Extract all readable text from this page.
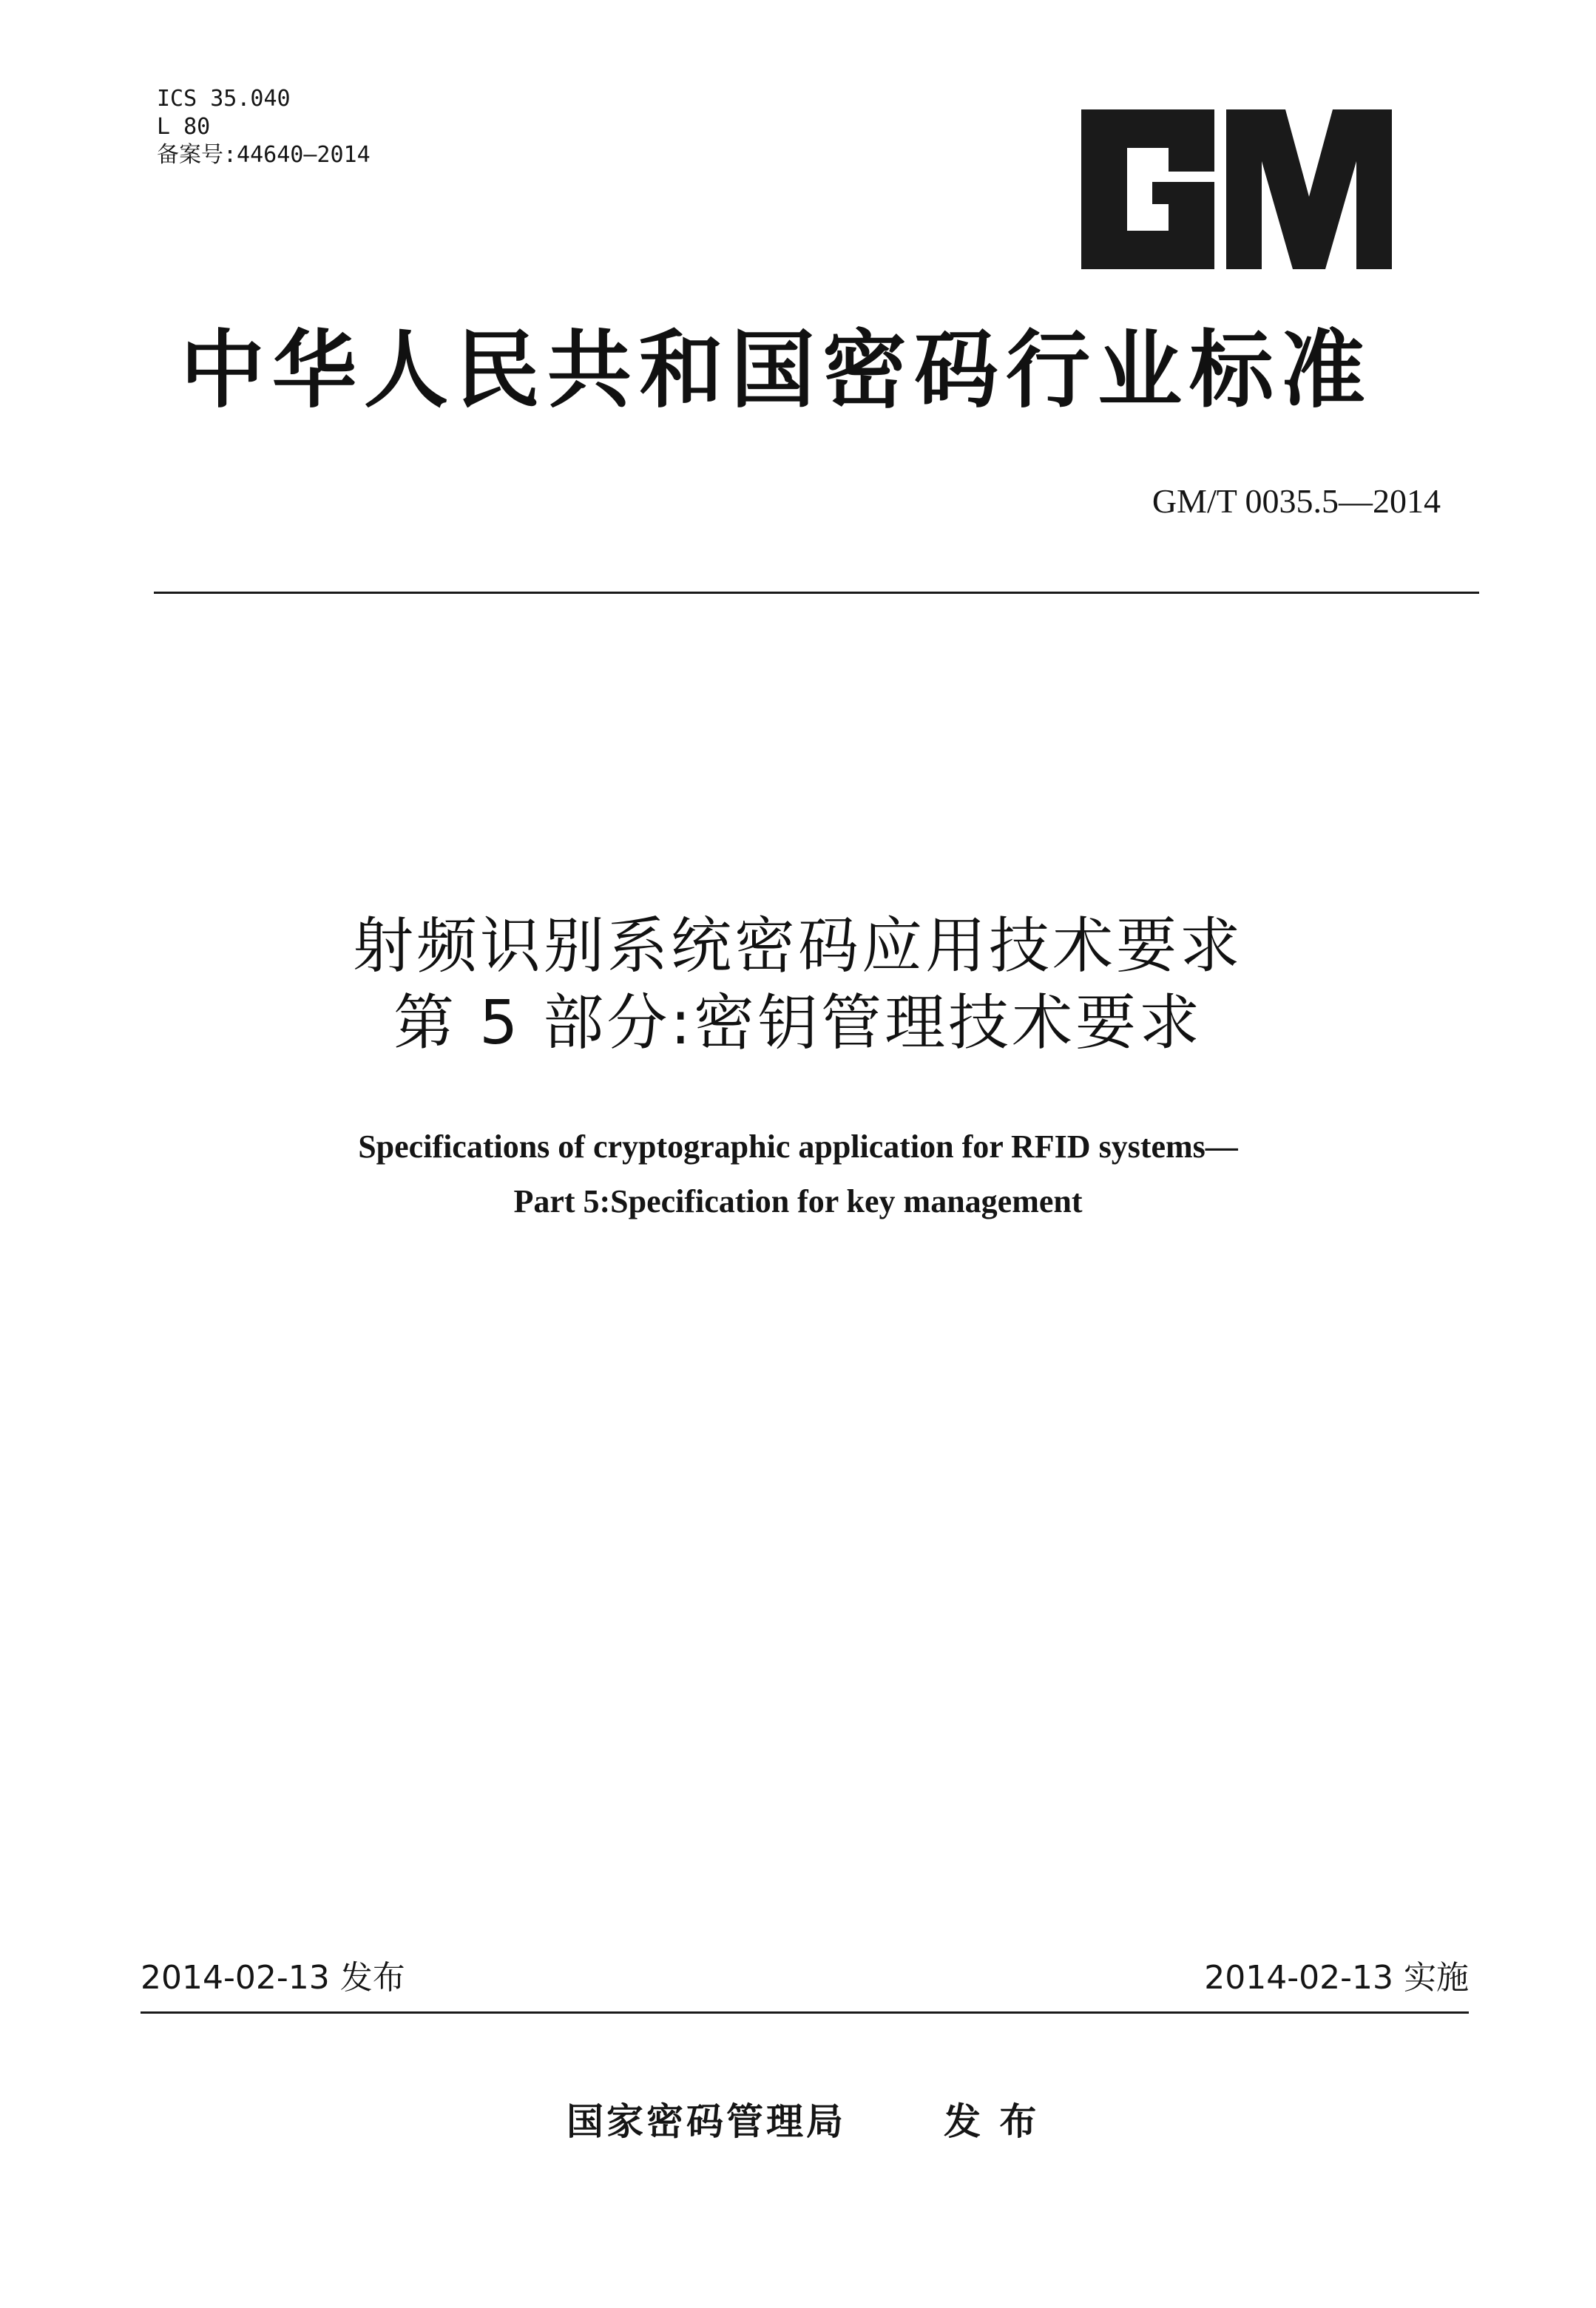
ICS 35.040
L 80
备案号:44640—2014
中华人民共和国密码行业标准
GM/T 0035.5—2014
射频识别系统密码应用技术要求
第 5 部分:密钥管理技术要求
Specifications of cryptographic application for RFID systems—
Part 5:Specification for key management
2014-02-13 发布	2014-02-13 实施
国家密码管理局	发 布
